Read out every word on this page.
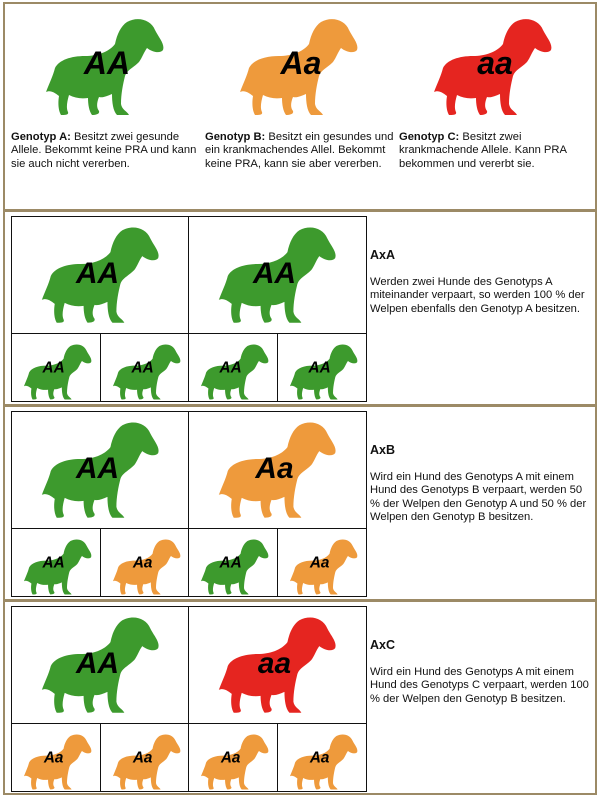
AA

Genotyp A: Besitzt zwei gesunde Allele. Bekommt keine PRA und kann sie auch nicht vererben.

Aa

Genotyp B: Besitzt ein gesundes und ein krankmachendes Allel. Bekommt keine PRA, kann sie aber vererben.

aa

Genotyp C: Besitzt zwei krankmachende Allele. Kann PRA bekommen und vererbt sie.

AA	AA
AA	AA	AA	AA

AxA

Werden zwei Hunde des Genotyps A miteinander verpaart, so werden 100 % der Welpen ebenfalls den Genotyp A besitzen.

AA	Aa
AA	Aa	AA	Aa

AxB

Wird ein Hund des Genotyps A mit einem Hund des Genotyps B verpaart, werden 50 % der Welpen den Genotyp A und 50 % der Welpen den Genotyp B besitzen.

AA	aa
Aa	Aa	Aa	Aa

AxC

Wird ein Hund des Genotyps A mit einem Hund des Genotyps C verpaart, werden 100 % der Welpen den Genotyp B besitzen.
